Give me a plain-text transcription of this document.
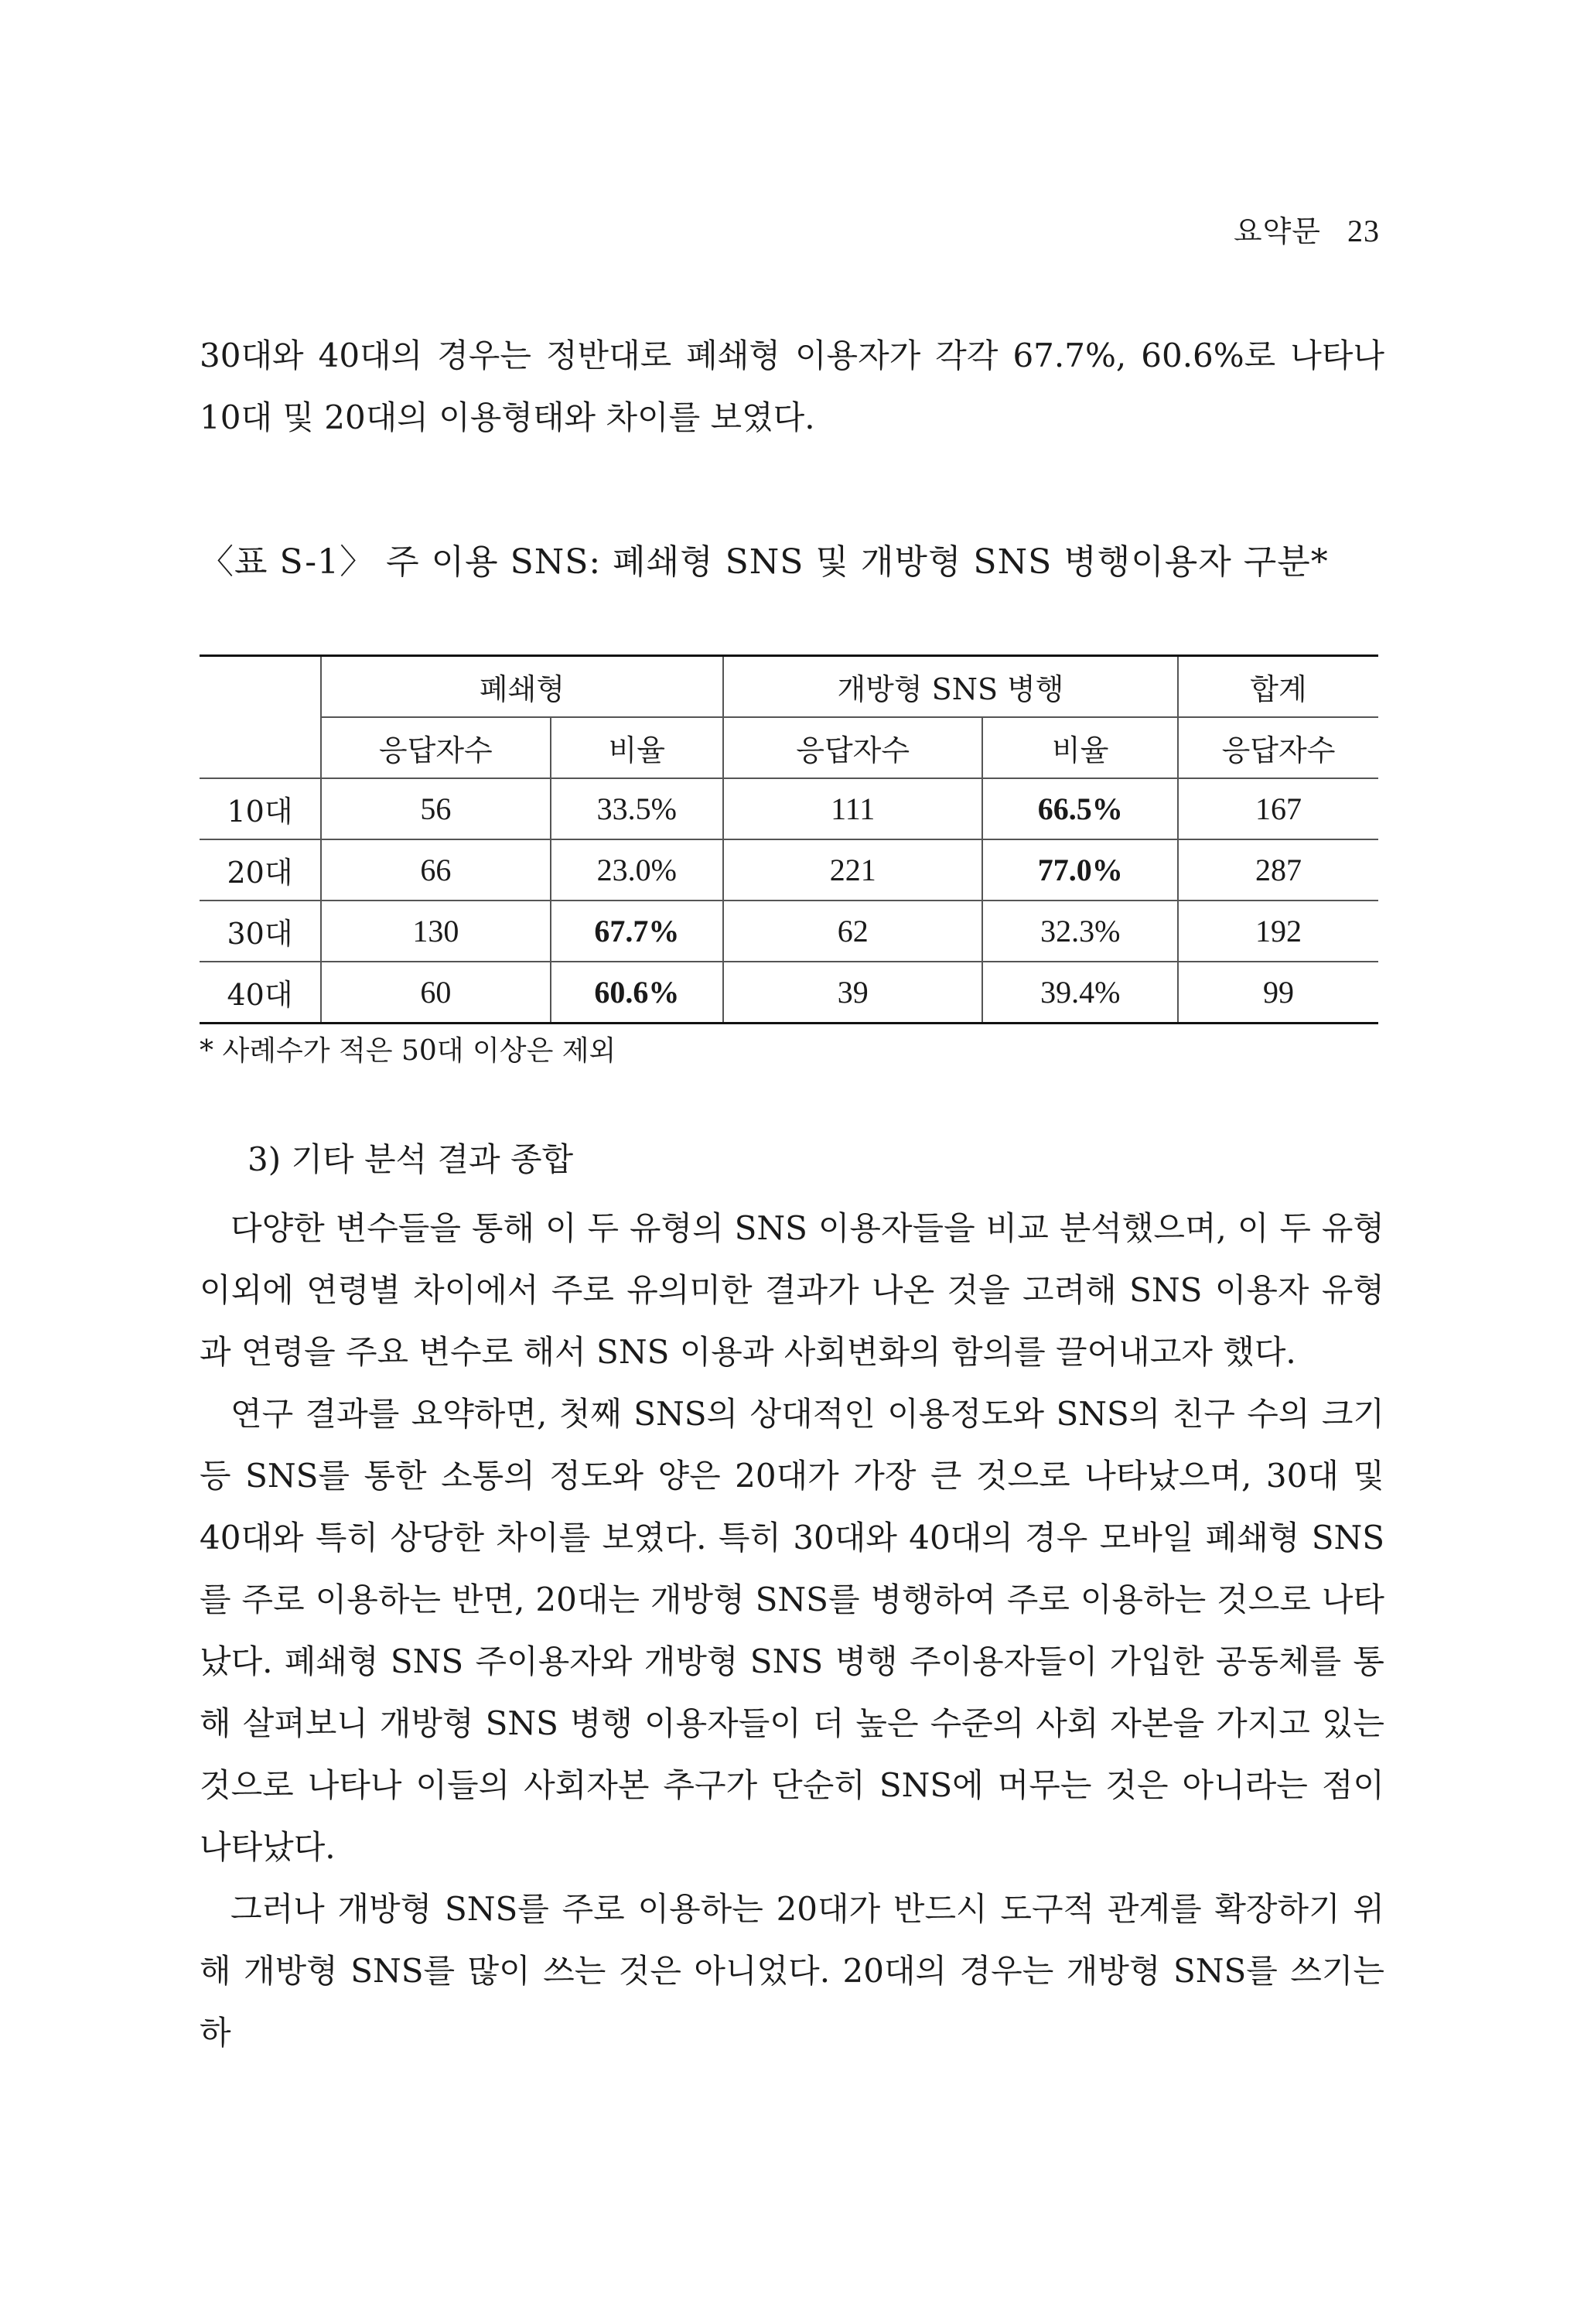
요약문 23

30대와 40대의 경우는 정반대로 폐쇄형 이용자가 각각 67.7%, 60.6%로 나타나 10대 및 20대의 이용형태와 차이를 보였다.

〈표 S-1〉 주 이용 SNS: 폐쇄형 SNS 및 개방형 SNS 병행이용자 구분*
	폐쇄형		개방형 SNS 병행		합계
	응답자수	비율	응답자수	비율	응답자수
10대	56	33.5%	111	66.5%	167
20대	66	23.0%	221	77.0%	287
30대	130	67.7%	62	32.3%	192
40대	60	60.6%	39	39.4%	99
* 사례수가 적은 50대 이상은 제외
3) 기타 분석 결과 종합

다양한 변수들을 통해 이 두 유형의 SNS 이용자들을 비교 분석했으며, 이 두 유형 이외에 연령별 차이에서 주로 유의미한 결과가 나온 것을 고려해 SNS 이용자 유형과 연령을 주요 변수로 해서 SNS 이용과 사회변화의 함의를 끌어내고자 했다.

연구 결과를 요약하면, 첫째 SNS의 상대적인 이용정도와 SNS의 친구 수의 크기 등 SNS를 통한 소통의 정도와 양은 20대가 가장 큰 것으로 나타났으며, 30대 및 40대와 특히 상당한 차이를 보였다. 특히 30대와 40대의 경우 모바일 폐쇄형 SNS를 주로 이용하는 반면, 20대는 개방형 SNS를 병행하여 주로 이용하는 것으로 나타났다. 폐쇄형 SNS 주이용자와 개방형 SNS 병행 주이용자들이 가입한 공동체를 통해 살펴보니 개방형 SNS 병행 이용자들이 더 높은 수준의 사회 자본을 가지고 있는 것으로 나타나 이들의 사회자본 추구가 단순히 SNS에 머무는 것은 아니라는 점이 나타났다.

그러나 개방형 SNS를 주로 이용하는 20대가 반드시 도구적 관계를 확장하기 위해 개방형 SNS를 많이 쓰는 것은 아니었다. 20대의 경우는 개방형 SNS를 쓰기는 하
